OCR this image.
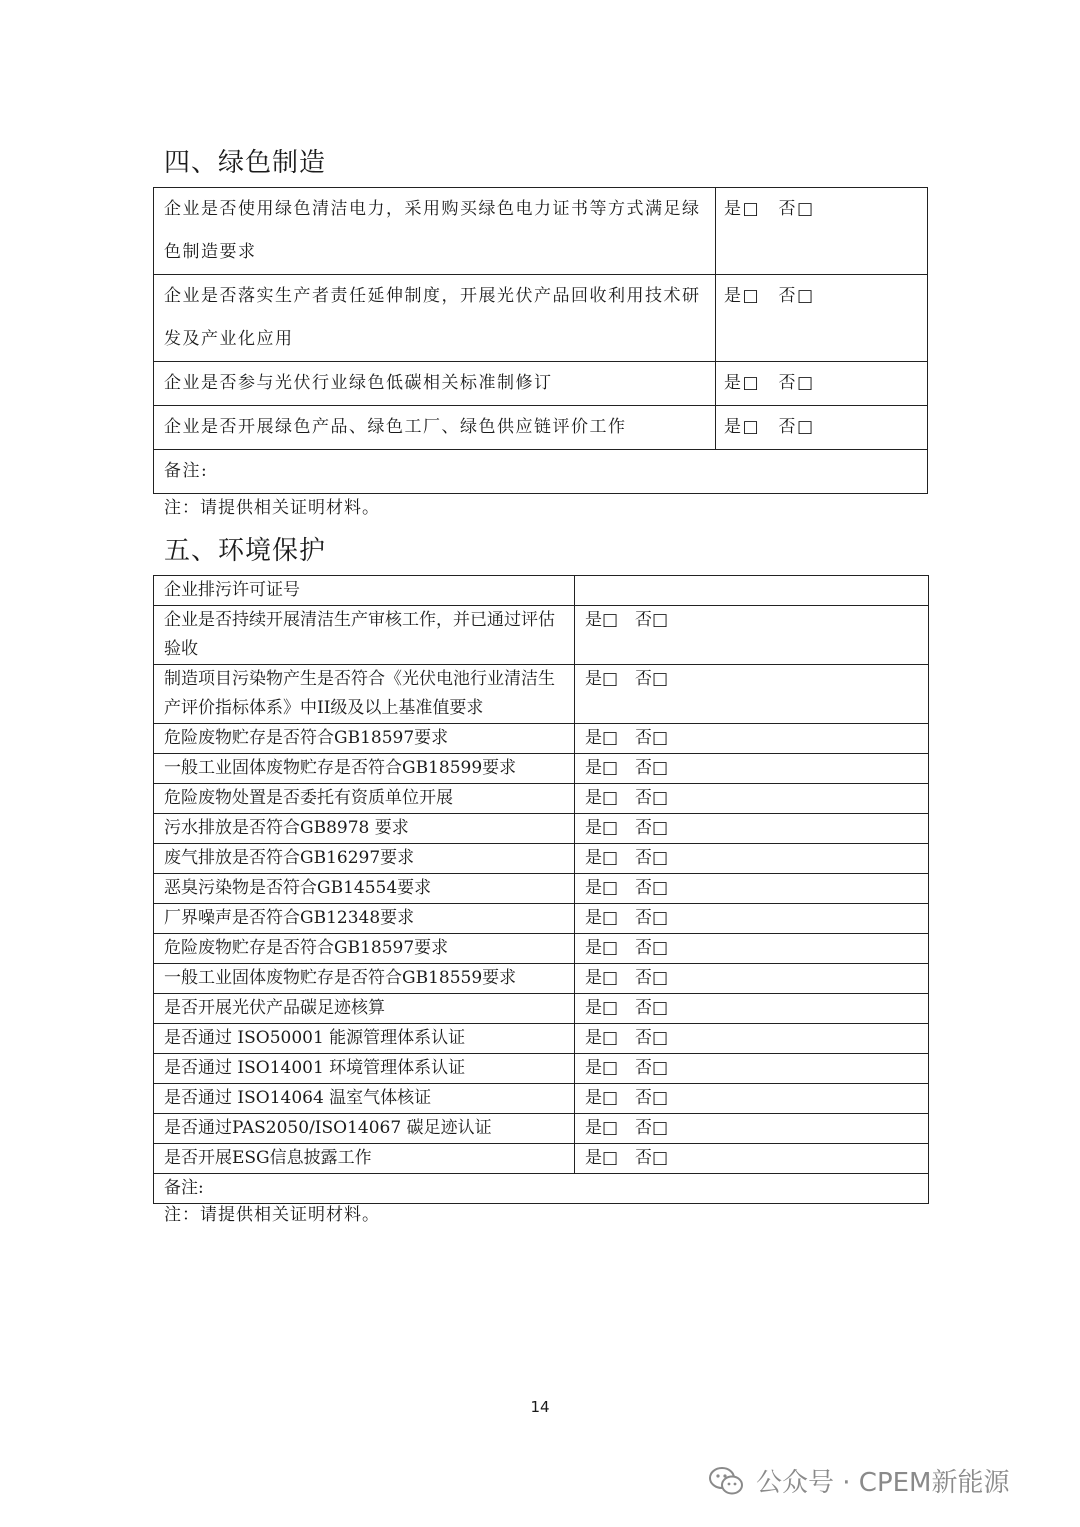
四、绿色制造
企业是否使用绿色清洁电力，采用购买绿色电力证书等方式满足绿色制造要求	是□　否□
企业是否落实生产者责任延伸制度，开展光伏产品回收利用技术研发及产业化应用	是□　否□
企业是否参与光伏行业绿色低碳相关标准制修订	是□　否□
企业是否开展绿色产品、绿色工厂、绿色供应链评价工作	是□　否□
备注:	
注：请提供相关证明材料。
五、环境保护
企业排污许可证号	
企业是否持续开展清洁生产审核工作，并已通过评估验收	是□　否□
制造项目污染物产生是否符合《光伏电池行业清洁生产评价指标体系》中II级及以上基准值要求	是□　否□
危险废物贮存是否符合GB18597要求	是□　否□
一般工业固体废物贮存是否符合GB18599要求	是□　否□
危险废物处置是否委托有资质单位开展	是□　否□
污水排放是否符合GB8978 要求	是□　否□
废气排放是否符合GB16297要求	是□　否□
恶臭污染物是否符合GB14554要求	是□　否□
厂界噪声是否符合GB12348要求	是□　否□
危险废物贮存是否符合GB18597要求	是□　否□
一般工业固体废物贮存是否符合GB18559要求	是□　否□
是否开展光伏产品碳足迹核算	是□　否□
是否通过 ISO50001 能源管理体系认证	是□　否□
是否通过 ISO14001 环境管理体系认证	是□　否□
是否通过 ISO14064 温室气体核证	是□　否□
是否通过PAS2050/ISO14067 碳足迹认证	是□　否□
是否开展ESG信息披露工作	是□　否□
备注:	
注：请提供相关证明材料。
14
公众号 · CPEM新能源
